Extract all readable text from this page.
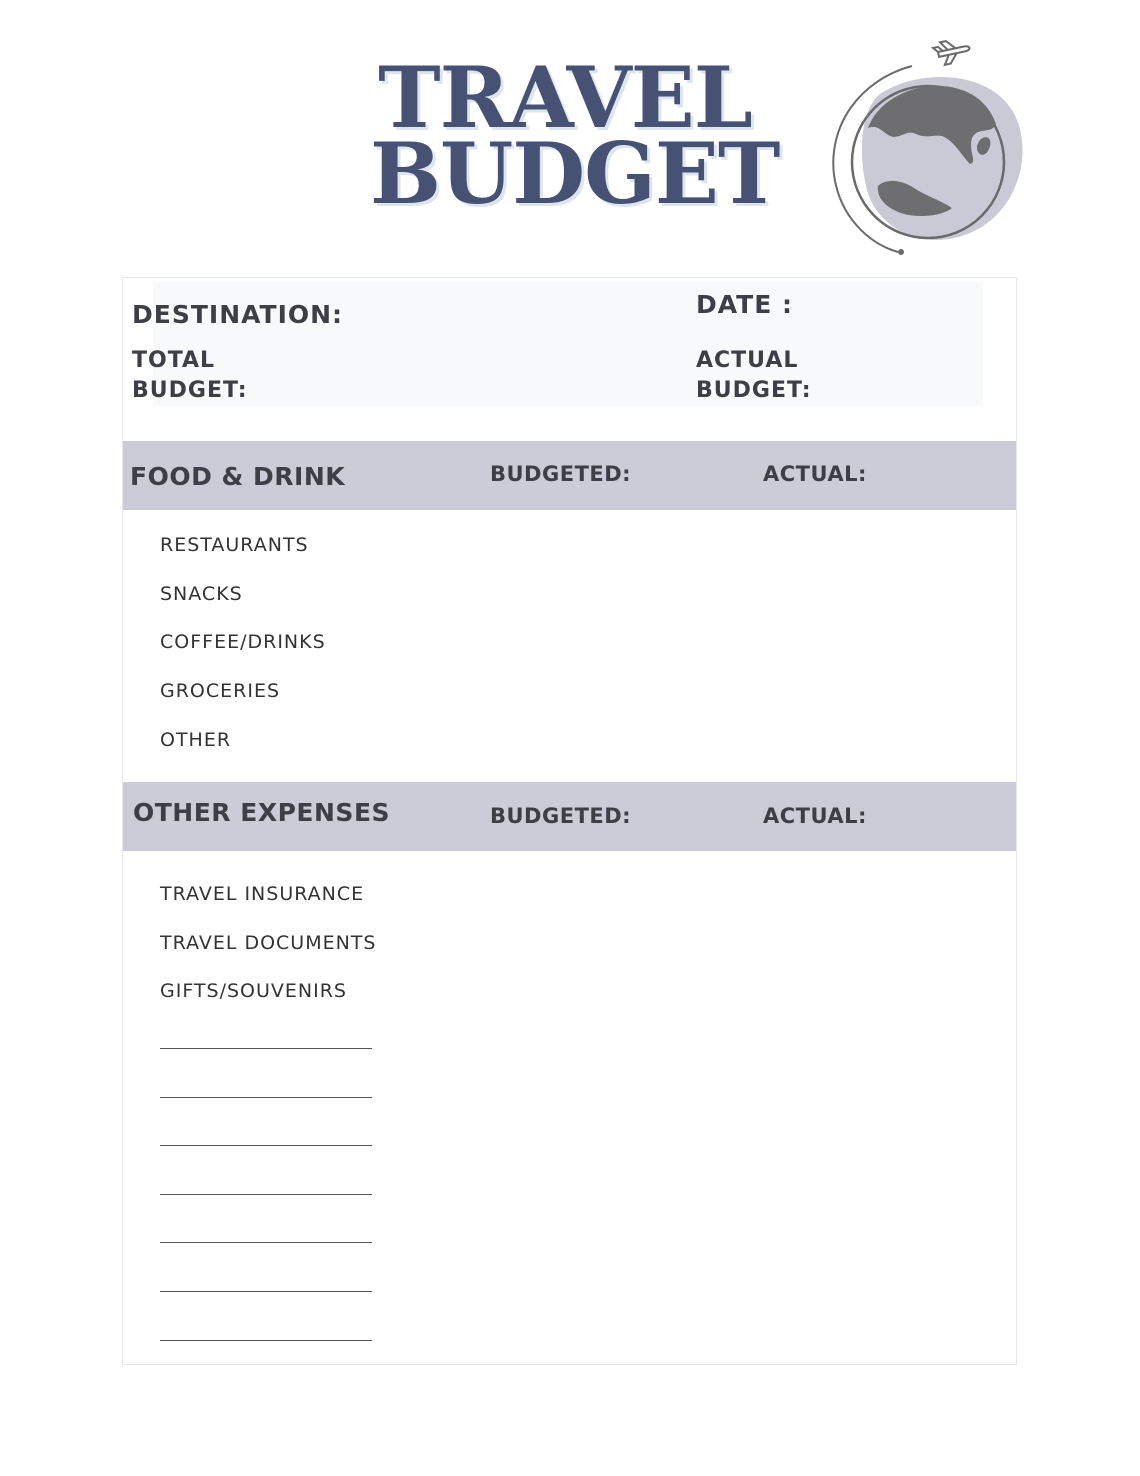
TRAVEL
BUDGET
DESTINATION:	DATE :
TOTAL BUDGET:
ACTUAL BUDGET:
FOOD & DRINK	BUDGETED:	ACTUAL:
RESTAURANTS
SNACKS
COFFEE/DRINKS
GROCERIES
OTHER
OTHER EXPENSES	BUDGETED:	ACTUAL:
TRAVEL INSURANCE
TRAVEL DOCUMENTS
GIFTS/SOUVENIRS
